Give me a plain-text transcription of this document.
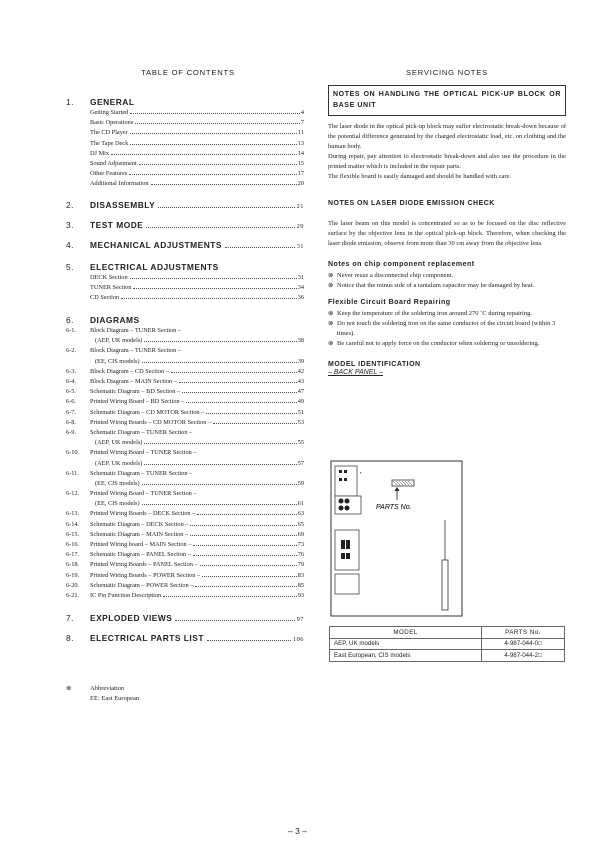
TABLE OF CONTENTS
1.	GENERAL
Getting Started	4
Basic Operations	7
The CD Player	11
The Tape Deck	13
DJ Mix	14
Sound Adjustment	15
Other Features	17
Additional Information	20
2.	DISASSEMBLY	21
3.	TEST MODE	29
4.	MECHANICAL ADJUSTMENTS	31
5.	ELECTRICAL ADJUSTMENTS
DECK Section	31
TUNER Section	34
CD Section	36
6.	DIAGRAMS
6-1.	Block Diagram – TUNER Section –
(AEP, UK models)	38
6-2.	Block Diagram – TUNER Section –
(EE, CIS models)	39
6-3.	Block Diagram – CD Section –	42
6-4.	Block Diagram – MAIN Section –	43
6-5.	Schematic Diagram – BD Section –	47
6-6.	Printed Wiring Board – BD Section –	49
6-7.	Schematic Diagram – CD MOTOR Section –	51
6-8.	Printed Wiring Boards – CD MOTOR Section –	53
6-9.	Schematic Diagram – TUNER Section –
(AEP, UK models)	55
6-10.	Printed Wiring Board – TUNER Section –
(AEP, UK models)	57
6-11.	Schematic Diagram – TUNER Section –
(EE, CIS models)	59
6-12.	Printed Wiring Board – TUNER Section –
(EE, CIS models)	61
6-13.	Printed Wiring Boards – DECK Section –	63
6-14.	Schematic Diagram – DECK Section –	65
6-15.	Schematic Diagram – MAIN Section –	69
6-16.	Printed Wiring board – MAIN Section –	73
6-17.	Schematic Diagram – PANEL Section –	76
6-18.	Printed Wiring Boards – PANEL Section –	79
6-19.	Printed Wiring Boards – POWER Section –	83
6-20.	Schematic Diagram – POWER Section –	85
6-21.	IC Pin Function Description	93
7.	EXPLODED VIEWS	97
8.	ELECTRICAL PARTS LIST	106
⊗	Abbreviation
EE: East European
SERVICING NOTES
NOTES ON HANDLING THE OPTICAL PICK-UP BLOCK OR BASE UNIT
The laser diode in the optical pick-up block may suffer electrostatic break-down because of the potential difference generated by the charged electrostatic load, etc. on clothing and the human body.
During repair, pay attention to electrostatic break-down and also use the procedure in the printed matter which is included in the repair parts.
The flexible board is easily damaged and should be handled with care.
NOTES ON LASER DIODE EMISSION CHECK
The laser beam on this model is concentrated so as to be focused on the disc reflective surface by the objective lens in the optical pick-up block. Therefore, when checking the laser diode emission, observe from more than 30 cm away from the objective lens.
Notes on chip component replacement
⊗ Never reuse a disconnected chip component.
⊗ Notice that the minus side of a tantalum capacitor may be damaged by heat.
Flexible Circuit Board Repairing
⊗ Keep the temperature of the soldering iron around 270 ˚C during repairing.
⊗ Do not touch the soldering iron on the same conductor of the circuit board (within 3 times).
⊗ Be careful not to apply force on the conductor when soldering or unsoldering.
MODEL IDENTIFICATION
– BACK PANEL –
▪
PARTS No.
MODEL	PARTS No.
AEP, UK models	4-987-044-0□
East European, CIS models	4-987-044-2□
– 3 –
